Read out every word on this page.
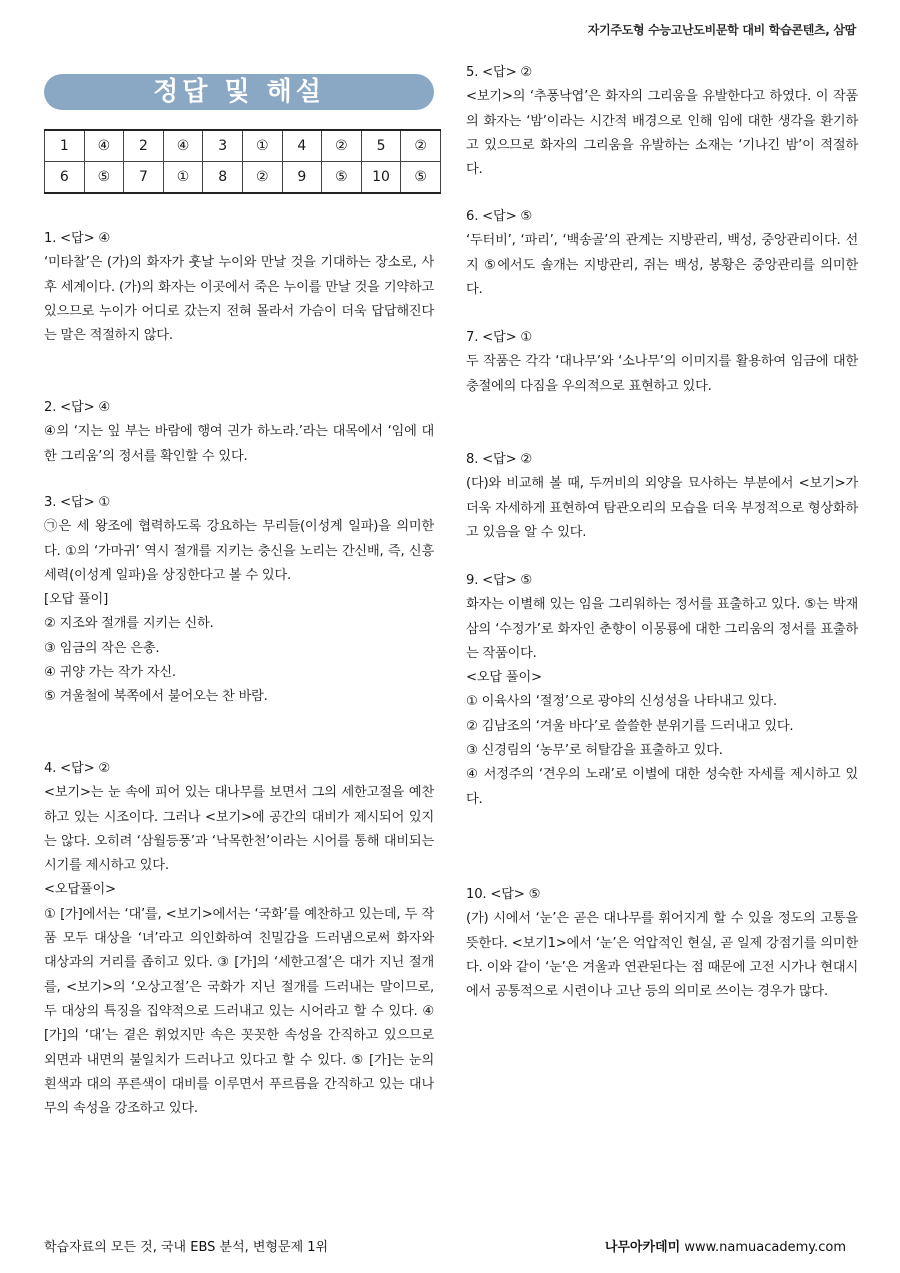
자기주도형 수능고난도비문학 대비 학습콘텐츠, 삼땀
정답 및 해설
1	④	2	④	3	①	4	②	5	②
6	⑤	7	①	8	②	9	⑤	10	⑤

1. <답> ④

‘미타찰’은 (가)의 화자가 훗날 누이와 만날 것을 기대하는 장소로, 사후 세계이다. (가)의 화자는 이곳에서 죽은 누이를 만날 것을 기약하고 있으므로 누이가 어디로 갔는지 전혀 몰라서 가슴이 더욱 답답해진다는 말은 적절하지 않다.

2. <답> ④

④의 ‘지는 잎 부는 바람에 행여 긘가 하노라.’라는 대목에서 ‘임에 대한 그리움’의 정서를 확인할 수 있다.

3. <답> ①

㉠은 세 왕조에 협력하도록 강요하는 무리들(이성계 일파)을 의미한다. ①의 ‘가마귀’ 역시 절개를 지키는 충신을 노리는 간신배, 즉, 신흥세력(이성계 일파)을 상징한다고 볼 수 있다.

[오답 풀이]

② 지조와 절개를 지키는 신하.

③ 임금의 작은 은총.

④ 귀양 가는 작가 자신.

⑤ 겨울철에 북쪽에서 불어오는 찬 바람.

4. <답> ②

<보기>는 눈 속에 피어 있는 대나무를 보면서 그의 세한고절을 예찬하고 있는 시조이다. 그러나 <보기>에 공간의 대비가 제시되어 있지는 않다. 오히려 ‘삼월등풍’과 ‘낙목한천’이라는 시어를 통해 대비되는 시기를 제시하고 있다.

<오답풀이>

① [가]에서는 ‘대’를, <보기>에서는 ‘국화’를 예찬하고 있는데, 두 작품 모두 대상을 ‘녀’라고 의인화하여 친밀감을 드러냄으로써 화자와 대상과의 거리를 좁히고 있다. ③ [가]의 ‘세한고절’은 대가 지닌 절개를, <보기>의 ‘오상고절’은 국화가 지닌 절개를 드러내는 말이므로, 두 대상의 특징을 집약적으로 드러내고 있는 시어라고 할 수 있다. ④ [가]의 ‘대’는 곁은 휘었지만 속은 꼿꼿한 속성을 간직하고 있으므로 외면과 내면의 불일치가 드러나고 있다고 할 수 있다. ⑤ [가]는 눈의 흰색과 대의 푸른색이 대비를 이루면서 푸르름을 간직하고 있는 대나무의 속성을 강조하고 있다.

5. <답> ②

<보기>의 ‘추풍낙엽’은 화자의 그리움을 유발한다고 하였다. 이 작품의 화자는 ‘밤’이라는 시간적 배경으로 인해 임에 대한 생각을 환기하고 있으므로 화자의 그리움을 유발하는 소재는 ‘기나긴 밤’이 적절하다.

6. <답> ⑤

‘두터비’, ‘파리’, ‘백송골’의 관계는 지방관리, 백성, 중앙관리이다. 선지 ⑤에서도 솔개는 지방관리, 쥐는 백성, 봉황은 중앙관리를 의미한다.

7. <답> ①

두 작품은 각각 ‘대나무’와 ‘소나무’의 이미지를 활용하여 임금에 대한 충절에의 다짐을 우의적으로 표현하고 있다.

8. <답> ②

(다)와 비교해 볼 때, 두꺼비의 외양을 묘사하는 부분에서 <보기>가 더욱 자세하게 표현하여 탐관오리의 모습을 더욱 부정적으로 형상화하고 있음을 알 수 있다.

9. <답> ⑤

화자는 이별해 있는 임을 그리워하는 정서를 표출하고 있다. ⑤는 박재삼의 ‘수정가’로 화자인 춘향이 이몽룡에 대한 그리움의 정서를 표출하는 작품이다.

<오답 풀이>

① 이육사의 ‘절정’으로 광야의 신성성을 나타내고 있다.

② 김남조의 ‘겨울 바다’로 쓸쓸한 분위기를 드러내고 있다.

③ 신경림의 ‘농무’로 허탈감을 표출하고 있다.

④ 서정주의 ‘견우의 노래’로 이별에 대한 성숙한 자세를 제시하고 있다.

10. <답> ⑤

(가) 시에서 ‘눈’은 곧은 대나무를 휘어지게 할 수 있을 정도의 고통을 뜻한다. <보기1>에서 ‘눈’은 억압적인 현실, 곧 일제 강점기를 의미한다. 이와 같이 ‘눈’은 겨울과 연관된다는 점 때문에 고전 시가나 현대시에서 공통적으로 시련이나 고난 등의 의미로 쓰이는 경우가 많다.

학습자료의 모든 것, 국내 EBS 분석, 변형문제 1위	나무아카데미 www.namuacademy.com
